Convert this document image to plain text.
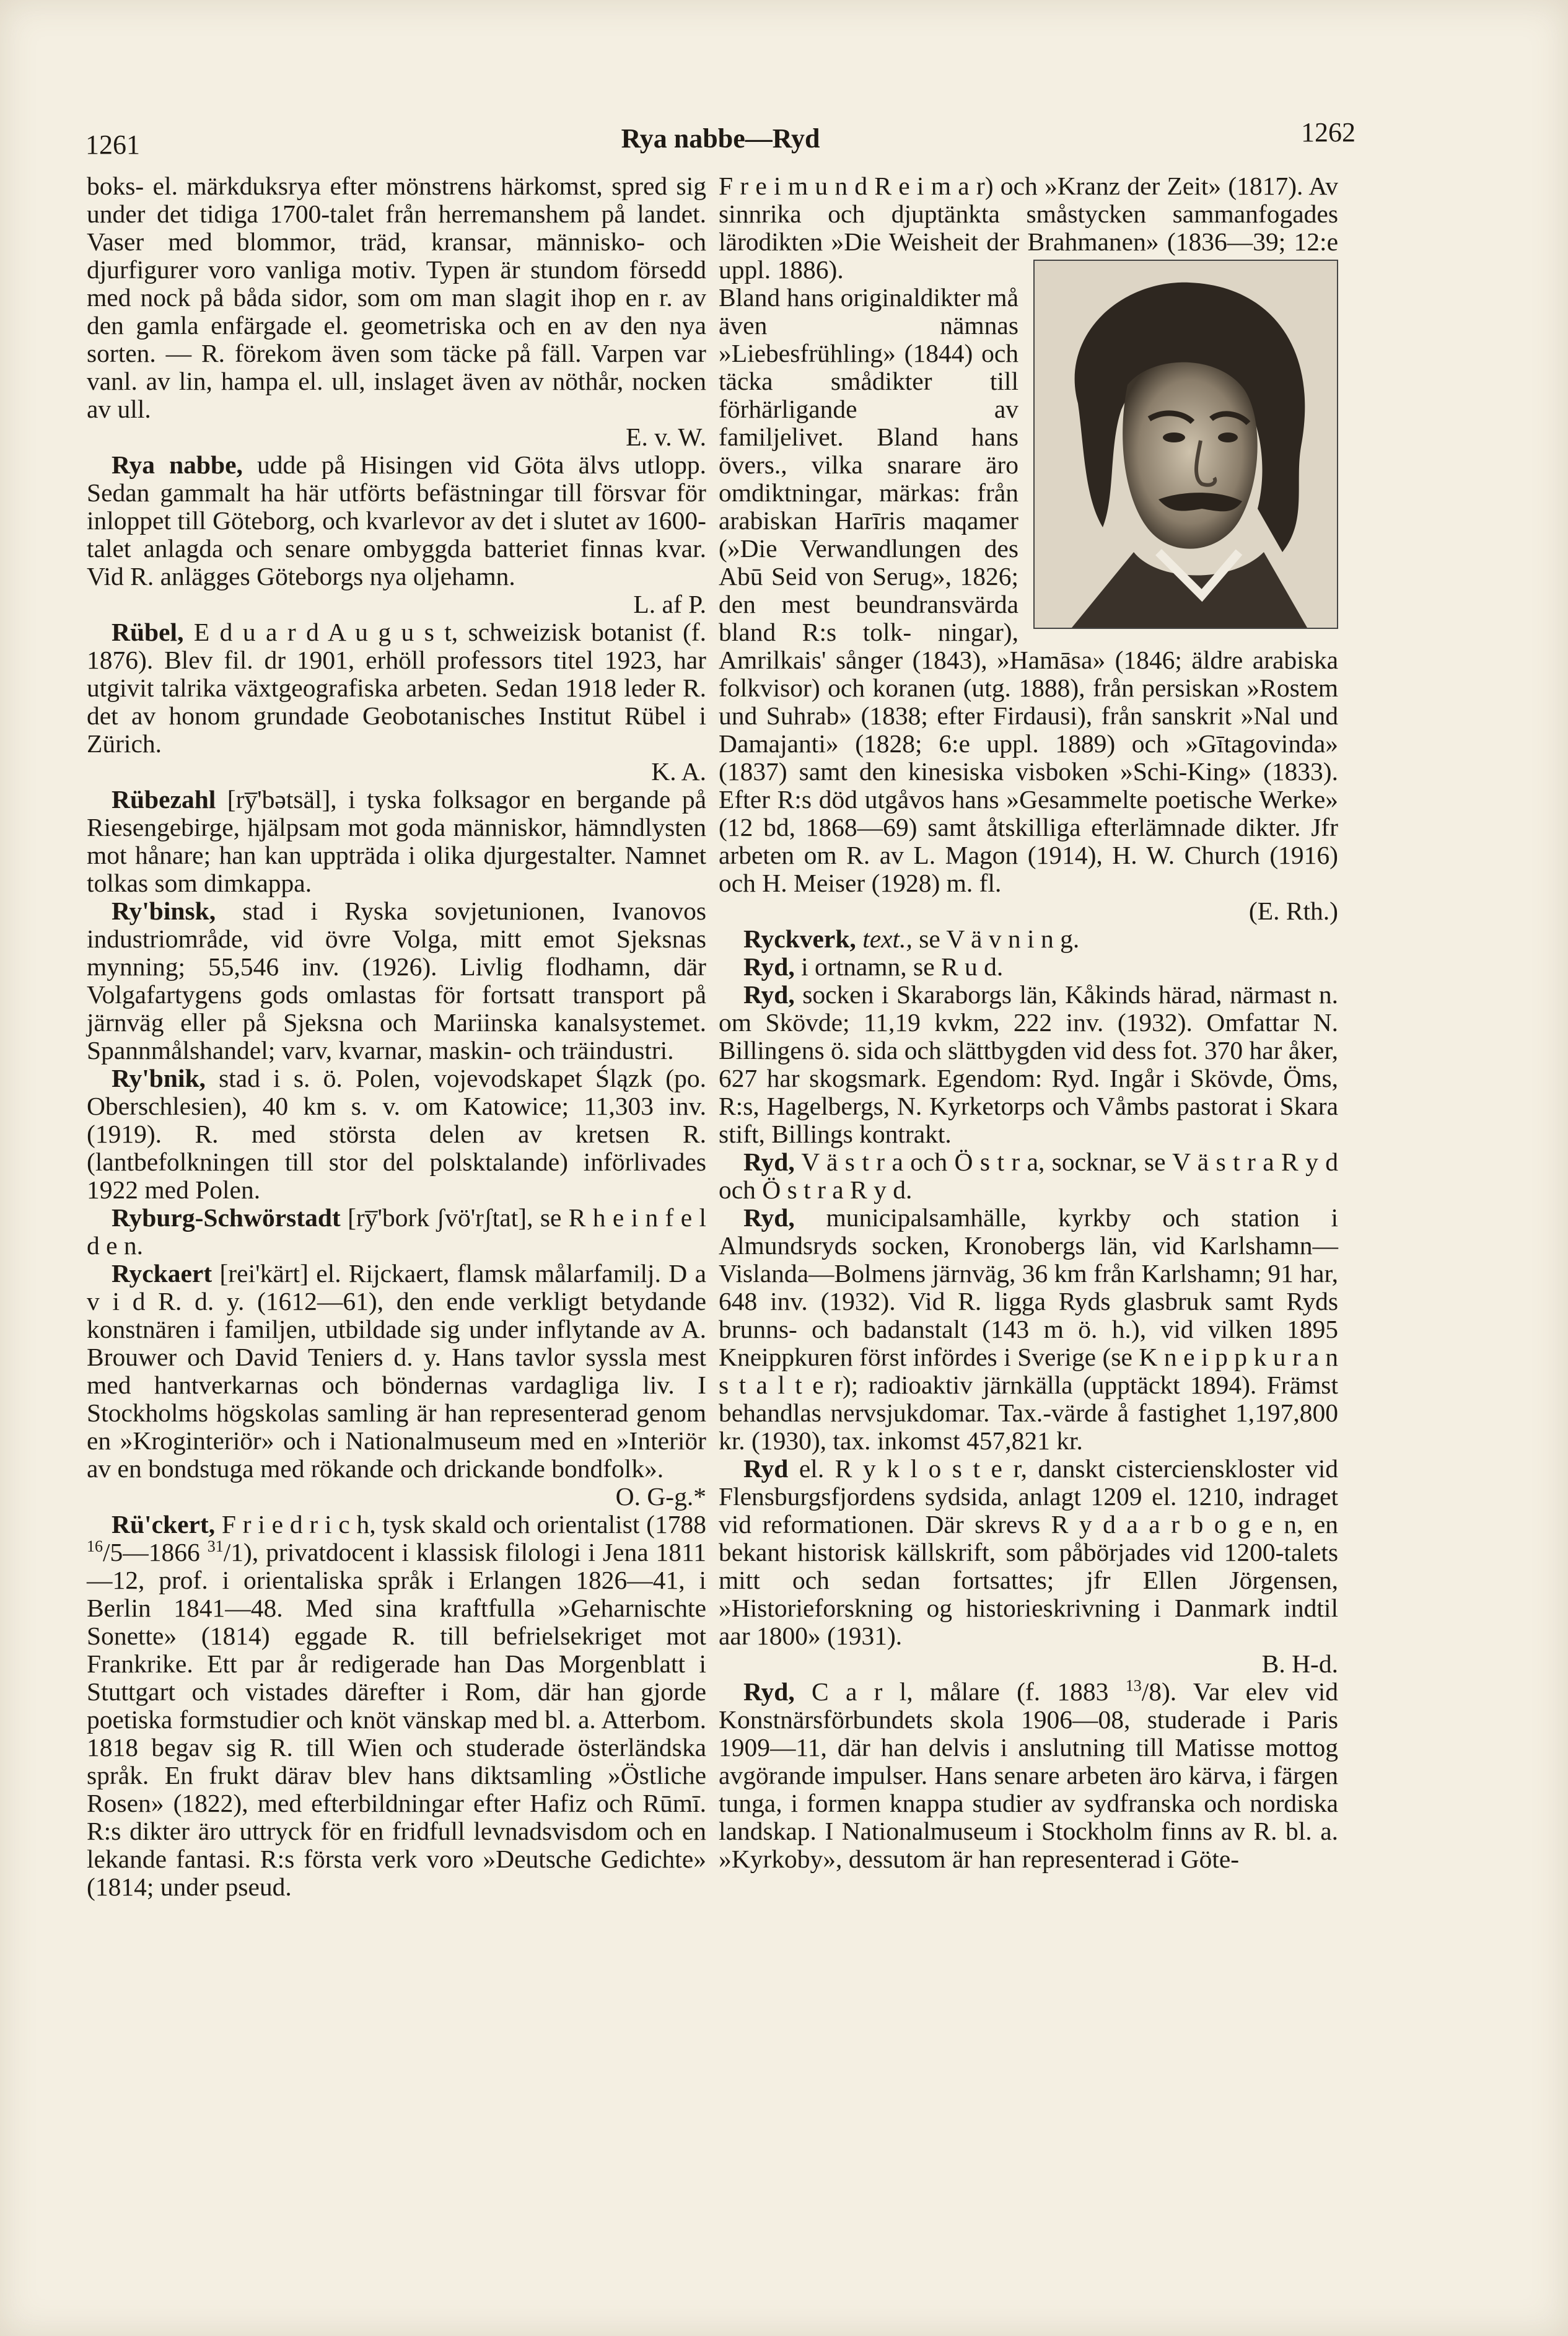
1261	Rya nabbe—Ryd	1262

boks- el. märkduksrya efter mönstrens härkomst, spred sig under det tidiga 1700-talet från herremanshem på landet. Vaser med blommor, träd, kransar, människo- och djurfigurer voro vanliga motiv. Typen är stundom försedd med nock på båda sidor, som om man slagit ihop en r. av den gamla enfärgade el. geometriska och en av den nya sorten. — R. förekom även som täcke på fäll. Varpen var vanl. av lin, hampa el. ull, inslaget även av nöthår, nocken av ull.
E. v. W.

Rya nabbe, udde på Hisingen vid Göta älvs utlopp. Sedan gammalt ha här utförts befästningar till försvar för inloppet till Göteborg, och kvarlevor av det i slutet av 1600-talet anlagda och senare ombyggda batteriet finnas kvar. Vid R. anlägges Göteborgs nya oljehamn.
L. af P.

Rübel, E d u a r d A u g u s t, schweizisk botanist (f. 1876). Blev fil. dr 1901, erhöll professors titel 1923, har utgivit talrika växtgeografiska arbeten. Sedan 1918 leder R. det av honom grundade Geobotanisches Institut Rübel i Zürich.
K. A.

Rübezahl [ry̅'bətsäl], i tyska folksagor en bergande på Riesengebirge, hjälpsam mot goda människor, hämndlysten mot hånare; han kan uppträda i olika djurgestalter. Namnet tolkas som dimkappa.

Ry'binsk, stad i Ryska sovjetunionen, Ivanovos industriområde, vid övre Volga, mitt emot Sjeksnas mynning; 55,546 inv. (1926). Livlig flodhamn, där Volgafartygens gods omlastas för fortsatt transport på järnväg eller på Sjeksna och Mariinska kanalsystemet. Spannmålshandel; varv, kvarnar, maskin- och träindustri.

Ry'bnik, stad i s. ö. Polen, vojevodskapet Ślązk (po. Oberschlesien), 40 km s. v. om Katowice; 11,303 inv. (1919). R. med största delen av kretsen R. (lantbefolkningen till stor del polsktalande) införlivades 1922 med Polen.

Ryburg-Schwörstadt [ry̅'bork ʃvö'rʃtat], se R h e i n f e l d e n.

Ryckaert [rei'kärt] el. Rijckaert, flamsk målarfamilj. D a v i d R. d. y. (1612—61), den ende verkligt betydande konstnären i familjen, utbildade sig under inflytande av A. Brouwer och David Teniers d. y. Hans tavlor syssla mest med hantverkarnas och böndernas vardagliga liv. I Stockholms högskolas samling är han representerad genom en »Kroginteriör» och i Nationalmuseum med en »Interiör av en bondstuga med rökande och drickande bondfolk».
O. G-g.*

Rü'ckert, F r i e d r i c h, tysk skald och orientalist (1788 $^{16}$/5—1866 $^{31}$/1), privatdocent i klassisk filologi i Jena 1811—12, prof. i orientaliska språk i Erlangen 1826—41, i Berlin 1841—48. Med sina kraftfulla »Geharnischte Sonette» (1814) eggade R. till befrielsekriget mot Frankrike. Ett par år redigerade han Das Morgenblatt i Stuttgart och vistades därefter i Rom, där han gjorde poetiska formstudier och knöt vänskap med bl. a. Atterbom. 1818 begav sig R. till Wien och studerade österländska språk. En frukt därav blev hans diktsamling »Östliche Rosen» (1822), med efterbildningar efter Hafiz och Rūmī. R:s dikter äro uttryck för en fridfull levnadsvisdom och en lekande fantasi. R:s första verk voro »Deutsche Gedichte» (1814; under pseud.

F r e i m u n d R e i m a r) och »Kranz der Zeit» (1817). Av sinnrika och djuptänkta småstycken sammanfogades lärodikten »Die Weisheit der Brahmanen» (1836—39; 12:e uppl. 1886).

Bland hans originaldikter må även nämnas »Liebesfrühling» (1844) och täcka smådikter till förhärligande av familjelivet. Bland hans övers., vilka snarare äro omdiktningar, märkas: från arabiskan Harīris maqamer (»Die Verwandlungen des Abū Seid von Serug», 1826; den mest beundransvärda bland R:s tolk- ningar), Amrilkais' sånger (1843), »Hamāsa» (1846; äldre arabiska folkvisor) och koranen (utg. 1888), från persiskan »Rostem und Suhrab» (1838; efter Firdausi), från sanskrit »Nal und Damajanti» (1828; 6:e uppl. 1889) och »Gītagovinda» (1837) samt den kinesiska visboken »Schi-King» (1833). Efter R:s död utgåvos hans »Gesammelte poetische Werke» (12 bd, 1868—69) samt åtskilliga efterlämnade dikter. Jfr arbeten om R. av L. Magon (1914), H. W. Church (1916) och H. Meiser (1928) m. fl.
(E. Rth.)

Ryckverk, text., se V ä v n i n g.

Ryd, i ortnamn, se R u d.

Ryd, socken i Skaraborgs län, Kåkinds härad, närmast n. om Skövde; 11,19 kvkm, 222 inv. (1932). Omfattar N. Billingens ö. sida och slättbygden vid dess fot. 370 har åker, 627 har skogsmark. Egendom: Ryd. Ingår i Skövde, Öms, R:s, Hagelbergs, N. Kyrketorps och Våmbs pastorat i Skara stift, Billings kontrakt.

Ryd, V ä s t r a och Ö s t r a, socknar, se V ä s t r a R y d och Ö s t r a R y d.

Ryd, municipalsamhälle, kyrkby och station i Almundsryds socken, Kronobergs län, vid Karlshamn—Vislanda—Bolmens järnväg, 36 km från Karlshamn; 91 har, 648 inv. (1932). Vid R. ligga Ryds glasbruk samt Ryds brunns- och badanstalt (143 m ö. h.), vid vilken 1895 Kneippkuren först infördes i Sverige (se K n e i p p k u r a n s t a l t e r); radioaktiv järnkälla (upptäckt 1894). Främst behandlas nervsjukdomar. Tax.-värde å fastighet 1,197,800 kr. (1930), tax. inkomst 457,821 kr.

Ryd el. R y k l o s t e r, danskt cistercienskloster vid Flensburgsfjordens sydsida, anlagt 1209 el. 1210, indraget vid reformationen. Där skrevs R y d a a r b o g e n, en bekant historisk källskrift, som påbörjades vid 1200-talets mitt och sedan fortsattes; jfr Ellen Jörgensen, »Historieforskning og historieskrivning i Danmark indtil aar 1800» (1931).
B. H-d.

Ryd, C a r l, målare (f. 1883 $^{13}$/8). Var elev vid Konstnärsförbundets skola 1906—08, studerade i Paris 1909—11, där han delvis i anslutning till Matisse mottog avgörande impulser. Hans senare arbeten äro kärva, i färgen tunga, i formen knappa studier av sydfranska och nordiska landskap. I Nationalmuseum i Stockholm finns av R. bl. a. »Kyrkoby», dessutom är han representerad i Göte-
